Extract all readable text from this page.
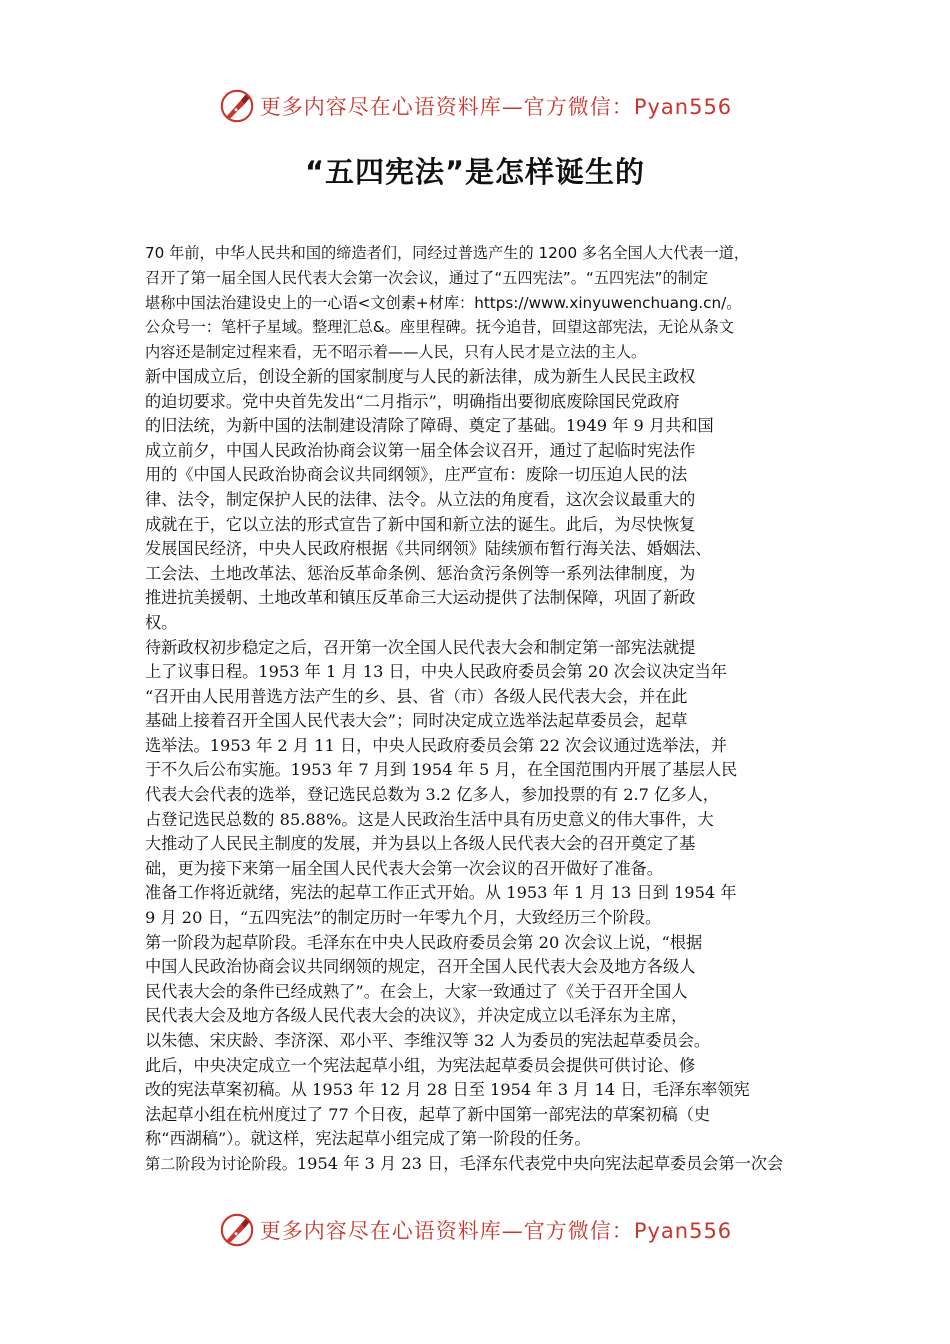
更多内容尽在心语资料库—官方微信：Pyan556
“五四宪法”是怎样诞生的

70 年前，中华人民共和国的缔造者们，同经过普选产生的 1200 多名全国人大代表一道，

召开了第一届全国人民代表大会第一次会议，通过了“五四宪法”。“五四宪法”的制定

堪称中国法治建设史上的一心语<文创素+材库：https://www.xinyuwenchuang.cn/。

公众号一：笔杆子星域。整理汇总&。座里程碑。抚今追昔，回望这部宪法，无论从条文

内容还是制定过程来看，无不昭示着——人民，只有人民才是立法的主人。

新中国成立后，创设全新的国家制度与人民的新法律，成为新生人民民主政权

的迫切要求。党中央首先发出“二月指示”，明确指出要彻底废除国民党政府

的旧法统，为新中国的法制建设清除了障碍、奠定了基础。1949 年 9 月共和国

成立前夕，中国人民政治协商会议第一届全体会议召开，通过了起临时宪法作

用的《中国人民政治协商会议共同纲领》，庄严宣布：废除一切压迫人民的法

律、法令，制定保护人民的法律、法令。从立法的角度看，这次会议最重大的

成就在于，它以立法的形式宣告了新中国和新立法的诞生。此后，为尽快恢复

发展国民经济，中央人民政府根据《共同纲领》陆续颁布暂行海关法、婚姻法、

工会法、土地改革法、惩治反革命条例、惩治贪污条例等一系列法律制度，为

推进抗美援朝、土地改革和镇压反革命三大运动提供了法制保障，巩固了新政

权。

待新政权初步稳定之后，召开第一次全国人民代表大会和制定第一部宪法就提

上了议事日程。1953 年 1 月 13 日，中央人民政府委员会第 20 次会议决定当年

“召开由人民用普选方法产生的乡、县、省（市）各级人民代表大会，并在此

基础上接着召开全国人民代表大会”；同时决定成立选举法起草委员会，起草

选举法。1953 年 2 月 11 日，中央人民政府委员会第 22 次会议通过选举法，并

于不久后公布实施。1953 年 7 月到 1954 年 5 月，在全国范围内开展了基层人民

代表大会代表的选举，登记选民总数为 3.2 亿多人，参加投票的有 2.7 亿多人，

占登记选民总数的 85.88%。这是人民政治生活中具有历史意义的伟大事件，大

大推动了人民民主制度的发展，并为县以上各级人民代表大会的召开奠定了基

础，更为接下来第一届全国人民代表大会第一次会议的召开做好了准备。

准备工作将近就绪，宪法的起草工作正式开始。从 1953 年 1 月 13 日到 1954 年

9 月 20 日，“五四宪法”的制定历时一年零九个月，大致经历三个阶段。

第一阶段为起草阶段。毛泽东在中央人民政府委员会第 20 次会议上说，“根据

中国人民政治协商会议共同纲领的规定，召开全国人民代表大会及地方各级人

民代表大会的条件已经成熟了”。在会上，大家一致通过了《关于召开全国人

民代表大会及地方各级人民代表大会的决议》，并决定成立以毛泽东为主席，

以朱德、宋庆龄、李济深、邓小平、李维汉等 32 人为委员的宪法起草委员会。

此后，中央决定成立一个宪法起草小组，为宪法起草委员会提供可供讨论、修

改的宪法草案初稿。从 1953 年 12 月 28 日至 1954 年 3 月 14 日，毛泽东率领宪

法起草小组在杭州度过了 77 个日夜，起草了新中国第一部宪法的草案初稿（史

称“西湖稿”）。就这样，宪法起草小组完成了第一阶段的任务。

第二阶段为讨论阶段。1954 年 3 月 23 日，毛泽东代表党中央向宪法起草委员会第一次会

更多内容尽在心语资料库—官方微信：Pyan556
